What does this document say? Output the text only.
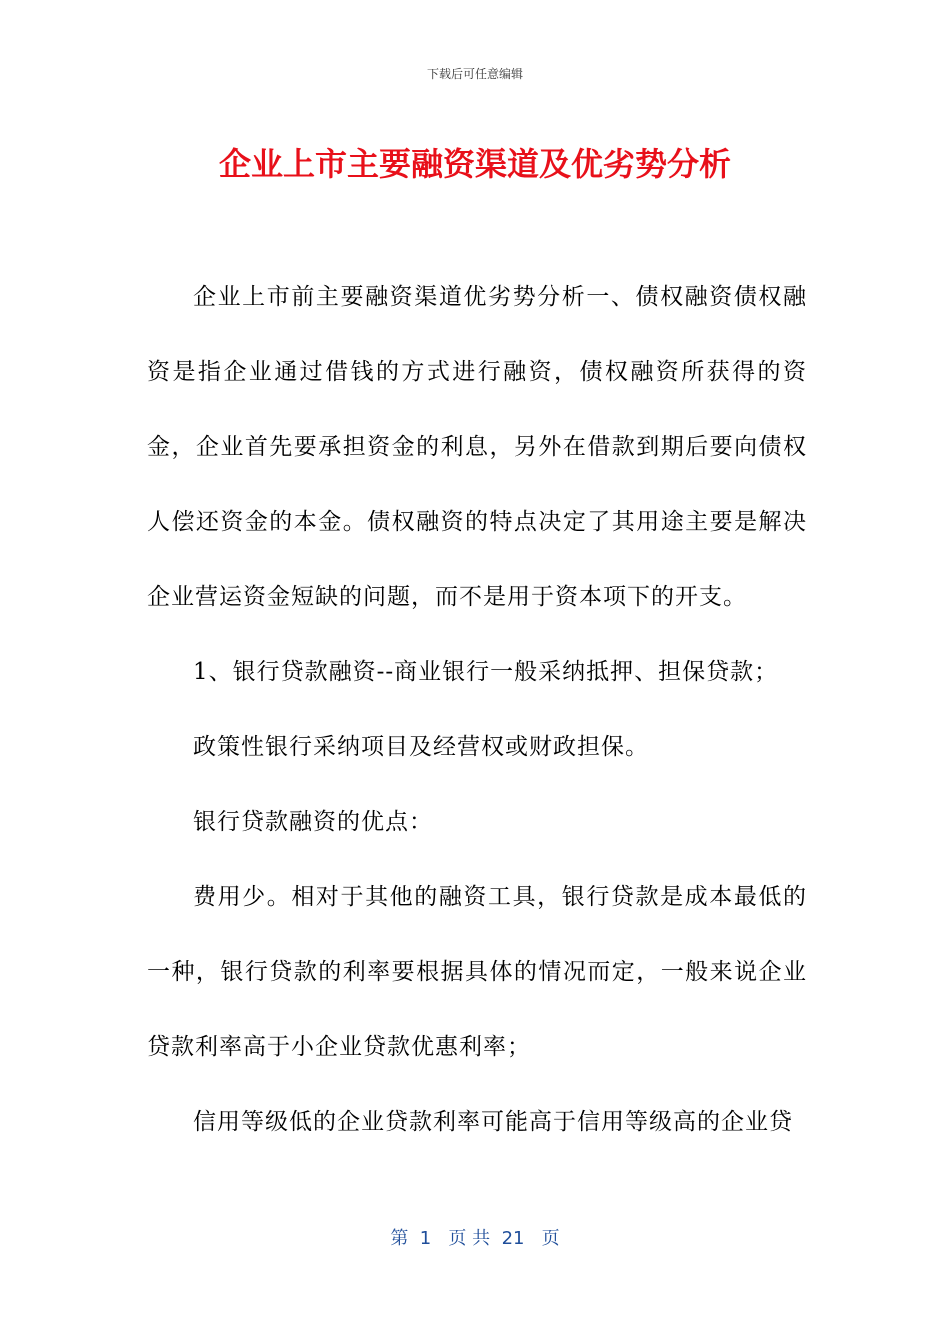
下载后可任意编辑
企业上市主要融资渠道及优劣势分析

企业上市前主要融资渠道优劣势分析一、债权融资债权融资是指企业通过借钱的方式进行融资，债权融资所获得的资金，企业首先要承担资金的利息，另外在借款到期后要向债权人偿还资金的本金。债权融资的特点决定了其用途主要是解决企业营运资金短缺的问题，而不是用于资本项下的开支。

1、银行贷款融资--商业银行一般采纳抵押、担保贷款；

政策性银行采纳项目及经营权或财政担保。

银行贷款融资的优点：

费用少。相对于其他的融资工具，银行贷款是成本最低的一种，银行贷款的利率要根据具体的情况而定，一般来说企业贷款利率高于小企业贷款优惠利率；

信用等级低的企业贷款利率可能高于信用等级高的企业贷

第  1   页 共  21   页
